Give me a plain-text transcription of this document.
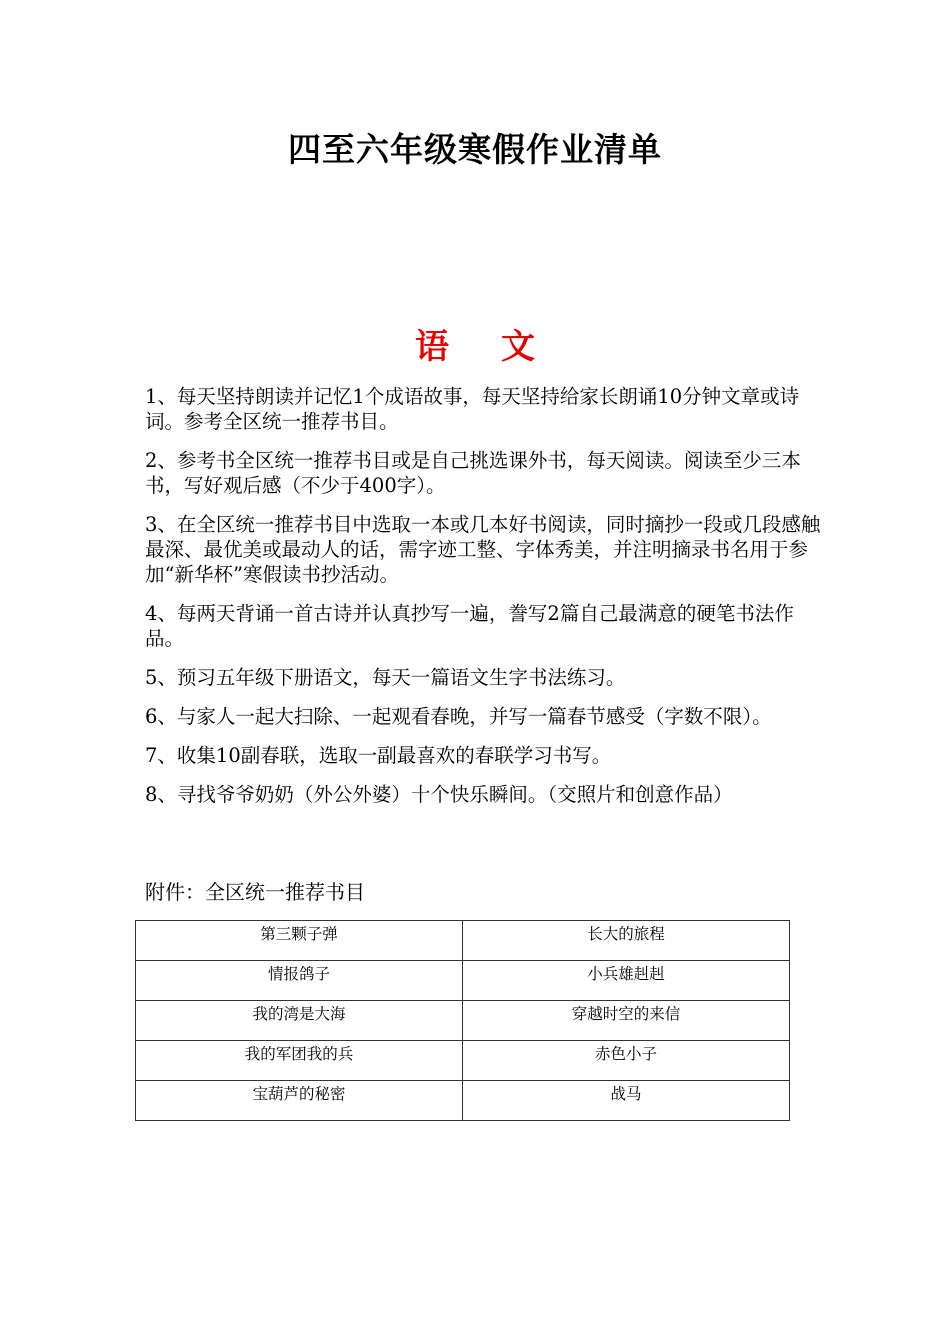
四至六年级寒假作业清单
语 文

1、每天坚持朗读并记忆1个成语故事，每天坚持给家长朗诵10分钟文章或诗词。参考全区统一推荐书目。

2、参考书全区统一推荐书目或是自己挑选课外书，每天阅读。阅读至少三本书，写好观后感（不少于400字）。

3、在全区统一推荐书目中选取一本或几本好书阅读，同时摘抄一段或几段感触最深、最优美或最动人的话，需字迹工整、字体秀美，并注明摘录书名用于参加“新华杯”寒假读书抄活动。

4、每两天背诵一首古诗并认真抄写一遍，誊写2篇自己最满意的硬笔书法作品。

5、预习五年级下册语文，每天一篇语文生字书法练习。

6、与家人一起大扫除、一起观看春晚，并写一篇春节感受（字数不限）。

7、收集10副春联，选取一副最喜欢的春联学习书写。

8、寻找爷爷奶奶（外公外婆）十个快乐瞬间。（交照片和创意作品）

附件：全区统一推荐书目
第三颗子弹	长大的旅程
情报鸽子	小兵雄赳赳
我的湾是大海	穿越时空的来信
我的军团我的兵	赤色小子
宝葫芦的秘密	战马
